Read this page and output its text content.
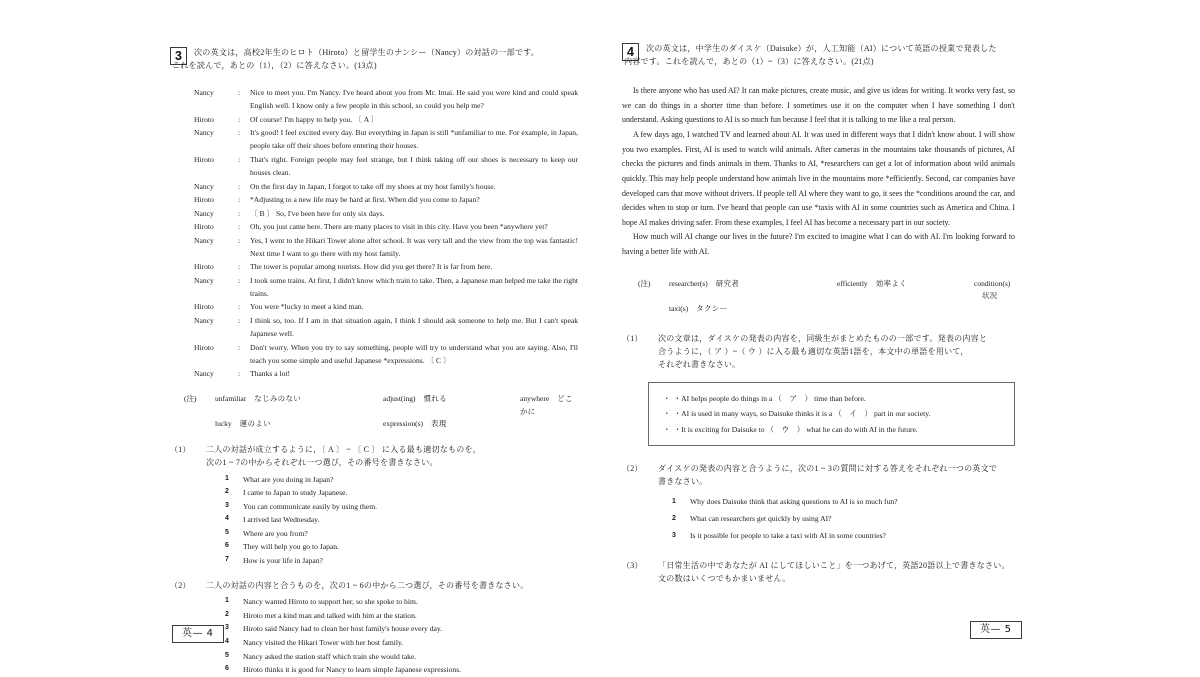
3	次の英文は，高校2年生のヒロト（Hiroto）と留学生のナンシー（Nancy）の対話の一部です。
これを読んで，あとの（1），（2）に答えなさい。(13点)
Nancy	:	Nice to meet you. I'm Nancy. I've heard about you from Mr. Imai. He said you were kind and could speak English well. I know only a few people in this school, so could you help me?
Hiroto	:	Of course! I'm happy to help you. 〔 A 〕
Nancy	:	It's good! I feel excited every day. But everything in Japan is still *unfamiliar to me. For example, in Japan, people take off their shoes before entering their houses.
Hiroto	:	That's right. Foreign people may feel strange, but I think taking off our shoes is necessary to keep our houses clean.
Nancy	:	On the first day in Japan, I forgot to take off my shoes at my host family's house.
Hiroto	:	*Adjusting to a new life may be hard at first. When did you come to Japan?
Nancy	:	〔 B 〕 So, I've been here for only six days.
Hiroto	:	Oh, you just came here. There are many places to visit in this city. Have you been *anywhere yet?
Nancy	:	Yes, I went to the Hikari Tower alone after school. It was very tall and the view from the top was fantastic! Next time I want to go there with my host family.
Hiroto	:	The tower is popular among tourists. How did you get there? It is far from here.
Nancy	:	I took some trains. At first, I didn't know which train to take. Then, a Japanese man helped me take the right trains.
Hiroto	:	You were *lucky to meet a kind man.
Nancy	:	I think so, too. If I am in that situation again, I think I should ask someone to help me. But I can't speak Japanese well.
Hiroto	:	Don't worry. When you try to say something, people will try to understand what you are saying. Also, I'll teach you some simple and useful Japanese *expressions. 〔 C 〕
Nancy	:	Thanks a lot!
(注)	unfamiliar なじみのない	adjust(ing) 慣れる	anywhere どこかに
lucky 運のよい	expression(s) 表現
（1）	二人の対話が成立するように，〔 A 〕 ~ 〔 C 〕 に入る最も適切なものを，
次の1 ~ 7の中からそれぞれ一つ選び，その番号を書きなさい。
1	What are you doing in Japan?
2	I came to Japan to study Japanese.
3	You can communicate easily by using them.
4	I arrived last Wednesday.
5	Where are you from?
6	They will help you go to Japan.
7	How is your life in Japan?
（2）	二人の対話の内容と合うものを，次の1 ~ 6の中から二つ選び，その番号を書きなさい。
1	Nancy wanted Hiroto to support her, so she spoke to him.
2	Hiroto met a kind man and talked with him at the station.
3	Hiroto said Nancy had to clean her host family's house every day.
4	Nancy visited the Hikari Tower with her host family.
5	Nancy asked the station staff which train she would take.
6	Hiroto thinks it is good for Nancy to learn simple Japanese expressions.
4	次の英文は，中学生のダイスケ（Daisuke）が，人工知能（AI）について英語の授業で発表した
内容です。これを読んで，あとの（1）~（3）に答えなさい。(21点)

Is there anyone who has used AI? It can make pictures, create music, and give us ideas for writing. It works very fast, so we can do things in a shorter time than before. I sometimes use it on the computer when I have something I don't understand. Asking questions to AI is so much fun because I feel that it is talking to me like a real person.

A few days ago, I watched TV and learned about AI. It was used in different ways that I didn't know about. I will show you two examples. First, AI is used to watch wild animals. After cameras in the mountains take thousands of pictures, AI checks the pictures and finds animals in them. Thanks to AI, *researchers can get a lot of information about wild animals quickly. This may help people understand how animals live in the mountains more *efficiently. Second, car companies have developed cars that move without drivers. If people tell AI where they want to go, it sees the *conditions around the car, and decides when to stop or turn. I've heard that people can use *taxis with AI in some countries such as America and China. I hope AI makes driving safer. From these examples, I feel AI has become a necessary part in our society.

How much will AI change our lives in the future? I'm excited to imagine what I can do with AI. I'm looking forward to having a better life with AI.

(注)	researcher(s) 研究者	efficiently 効率よく	condition(s)状況
taxi(s) タクシー
（1）	次の文章は，ダイスケの発表の内容を，同級生がまとめたものの一部です。発表の内容と
合うように，（ ア ）~（ ウ ）に入る最も適切な英語1語を，本文中の単語を用いて，
それぞれ書きなさい。
・ ・AI helps people do things in a （　ア　） time than before.
・ ・AI is used in many ways, so Daisuke thinks it is a （　イ　） part in our society.
・ ・It is exciting for Daisuke to （　ウ　） what he can do with AI in the future.
（2）	ダイスケの発表の内容と合うように，次の1 ~ 3の質問に対する答えをそれぞれ一つの英文で
書きなさい。
1	Why does Daisuke think that asking questions to AI is so much fun?
2	What can researchers get quickly by using AI?
3	Is it possible for people to take a taxi with AI in some countries?
（3）	「日常生活の中であなたが AI にしてほしいこと」を一つあげて，英語20語以上で書きなさい。
文の数はいくつでもかまいません。
英— 4	英— 5
